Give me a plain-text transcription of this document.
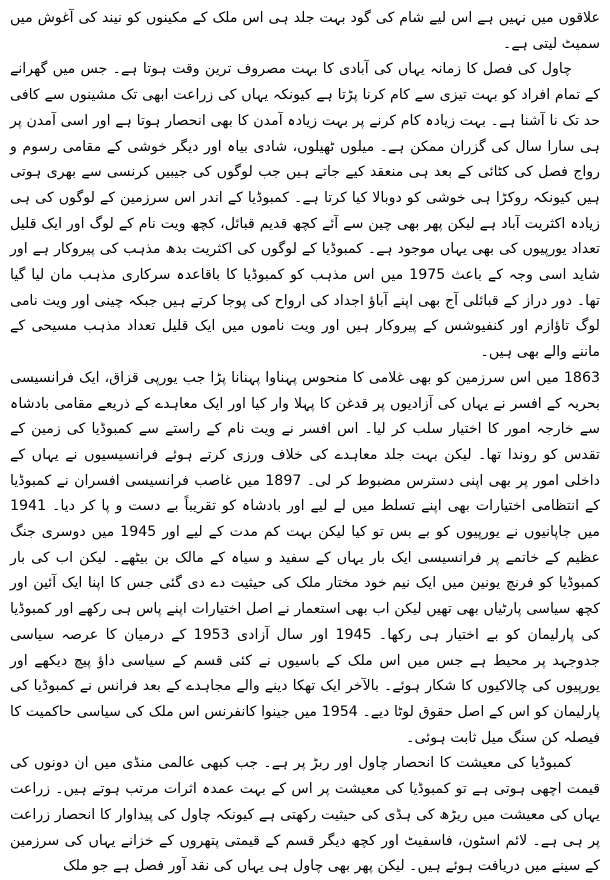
علاقوں میں نہیں ہے اس لیے شام کی گود بہت جلد ہی اس ملک کے مکینوں کو نیند کی آغوش میں سمیٹ لیتی ہے۔

چاول کی فصل کا زمانہ یہاں کی آبادی کا بہت مصروف ترین وقت ہوتا ہے۔ جس میں گھرانے کے تمام افراد کو بہت تیزی سے کام کرنا پڑتا ہے کیونکہ یہاں کی زراعت ابھی تک مشینوں سے کافی حد تک نا آشنا ہے۔ بہت زیادہ کام کرنے پر بہت زیادہ آمدن کا بھی انحصار ہوتا ہے اور اسی آمدن پر ہی سارا سال کی گزران ممکن ہے۔ میلوں ٹھیلوں، شادی بیاہ اور دیگر خوشی کے مقامی رسوم و رواج فصل کی کٹائی کے بعد ہی منعقد کیے جاتے ہیں جب لوگوں کی جیبیں کرنسی سے بھری ہوتی ہیں کیونکہ روکڑا ہی خوشی کو دوبالا کیا کرتا ہے۔ کمبوڈیا کے اندر اس سرزمین کے لوگوں کی ہی زیادہ اکثریت آباد ہے لیکن پھر بھی چین سے آئے کچھ قدیم قبائل، کچھ ویت نام کے لوگ اور ایک قلیل تعداد یورپیوں کی بھی یہاں موجود ہے۔ کمبوڈیا کے لوگوں کی اکثریت بدھ مذہب کی پیروکار ہے اور شاید اسی وجہ کے باعث 1975 میں اس مذہب کو کمبوڈیا کا باقاعدہ سرکاری مذہب مان لیا گیا تھا۔ دور دراز کے قبائلی آج بھی اپنے آباؤ اجداد کی ارواح کی پوجا کرتے ہیں جبکہ چینی اور ویت نامی لوگ تاؤازم اور کنفیوشس کے پیروکار ہیں اور ویت ناموں میں ایک قلیل تعداد مذہب مسیحی کے ماننے والے بھی ہیں۔

1863 میں اس سرزمین کو بھی غلامی کا منحوس پہناوا پہنانا پڑا جب یورپی قزاق، ایک فرانسیسی بحریہ کے افسر نے یہاں کی آزادیوں پر قدغن کا پہلا وار کیا اور ایک معاہدے کے ذریعے مقامی بادشاہ سے خارجہ امور کا اختیار سلب کر لیا۔ اس افسر نے ویت نام کے راستے سے کمبوڈیا کی زمین کے تقدس کو روندا تھا۔ لیکن بہت جلد معاہدے کی خلاف ورزی کرتے ہوئے فرانسیسیوں نے یہاں کے داخلی امور پر بھی اپنی دسترس مضبوط کر لی۔ 1897 میں غاصب فرانسیسی افسران نے کمبوڈیا کے انتظامی اختیارات بھی اپنے تسلط میں لے لیے اور بادشاہ کو تقریباً بے دست و پا کر دیا۔ 1941 میں جاپانیوں نے یورپیوں کو بے بس تو کیا لیکن بہت کم مدت کے لیے اور 1945 میں دوسری جنگ عظیم کے خاتمے پر فرانسیسی ایک بار یہاں کے سفید و سیاہ کے مالک بن بیٹھے۔ لیکن اب کی بار کمبوڈیا کو فرنچ یونین میں ایک نیم خود مختار ملک کی حیثیت دے دی گئی جس کا اپنا ایک آئین اور کچھ سیاسی پارٹیاں بھی تھیں لیکن اب بھی استعمار نے اصل اختیارات اپنے پاس ہی رکھے اور کمبوڈیا کی پارلیمان کو بے اختیار ہی رکھا۔ 1945 اور سال آزادی 1953 کے درمیان کا عرصہ سیاسی جدوجہد پر محیط ہے جس میں اس ملک کے باسیوں نے کئی قسم کے سیاسی داؤ پیچ دیکھے اور یورپیوں کی چالاکیوں کا شکار ہوئے۔ بالآخر ایک تھکا دینے والے مجاہدے کے بعد فرانس نے کمبوڈیا کی پارلیمان کو اس کے اصل حقوق لوٹا دیے۔ 1954 میں جینوا کانفرنس اس ملک کی سیاسی حاکمیت کا فیصلہ کن سنگ میل ثابت ہوئی۔

کمبوڈیا کی معیشت کا انحصار چاول اور ربڑ پر ہے۔ جب کبھی عالمی منڈی میں ان دونوں کی قیمت اچھی ہوتی ہے تو کمبوڈیا کی معیشت پر اس کے بہت عمدہ اثرات مرتب ہوتے ہیں۔ زراعت یہاں کی معیشت میں ریڑھ کی ہڈی کی حیثیت رکھتی ہے کیونکہ چاول کی پیداوار کا انحصار زراعت پر ہی ہے۔ لائم اسٹون، فاسفیٹ اور کچھ دیگر قسم کے قیمتی پتھروں کے خزانے یہاں کی سرزمین کے سینے میں دریافت ہوئے ہیں۔ لیکن پھر بھی چاول ہی یہاں کی نقد آور فصل ہے جو ملک
